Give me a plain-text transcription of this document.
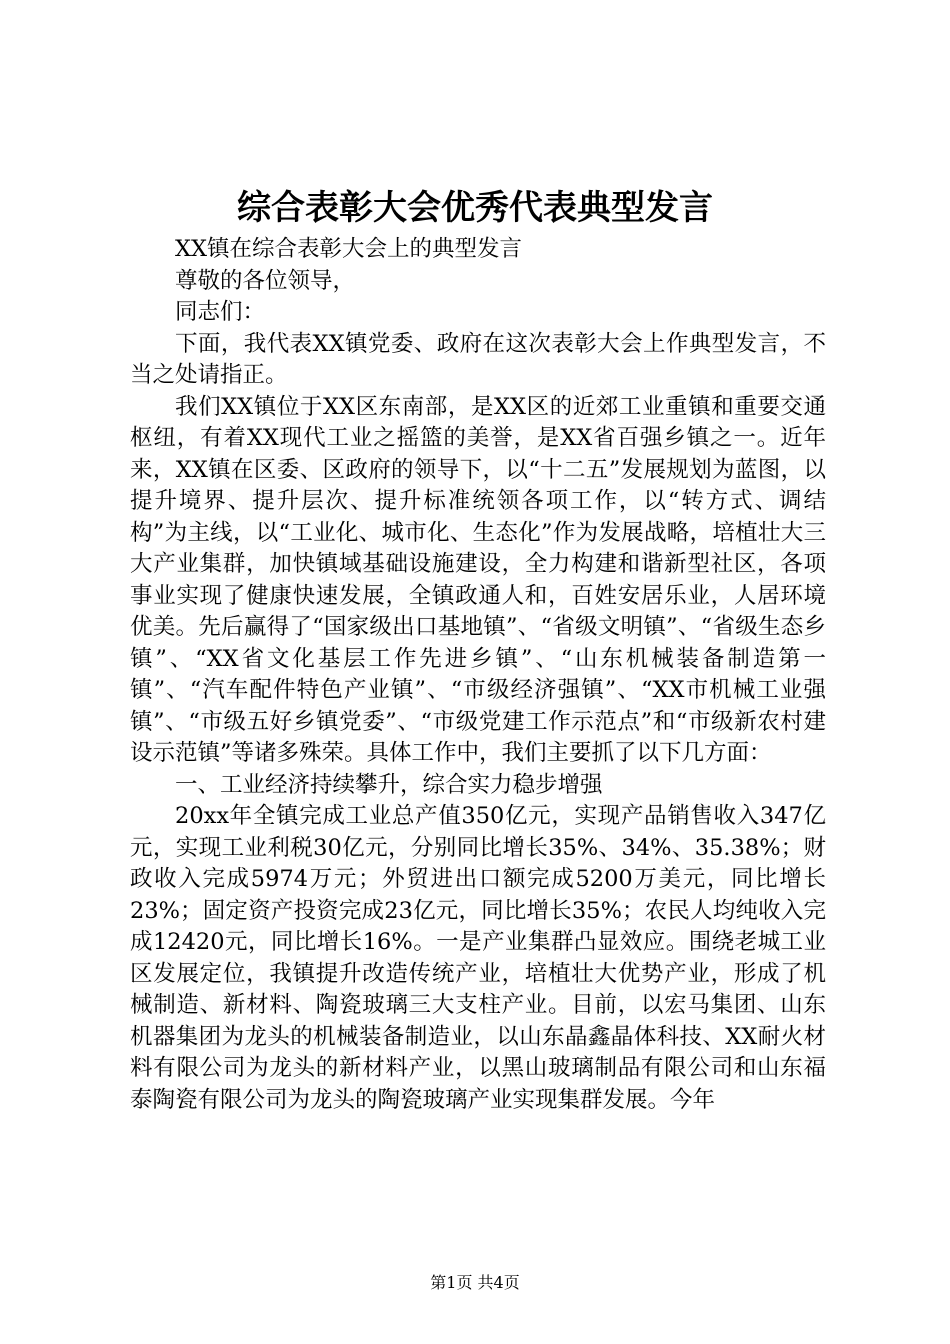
综合表彰大会优秀代表典型发言

XX镇在综合表彰大会上的典型发言

尊敬的各位领导，

同志们：

下面，我代表XX镇党委、政府在这次表彰大会上作典型发言，不当之处请指正。

我们XX镇位于XX区东南部，是XX区的近郊工业重镇和重要交通枢纽，有着XX现代工业之摇篮的美誉，是XX省百强乡镇之一。近年来，XX镇在区委、区政府的领导下，以“十二五”发展规划为蓝图，以提升境界、提升层次、提升标准统领各项工作，以“转方式、调结构”为主线，以“工业化、城市化、生态化”作为发展战略，培植壮大三大产业集群，加快镇域基础设施建设，全力构建和谐新型社区，各项事业实现了健康快速发展，全镇政通人和，百姓安居乐业，人居环境优美。先后赢得了“国家级出口基地镇”、“省级文明镇”、“省级生态乡镇”、“XX省文化基层工作先进乡镇”、“山东机械装备制造第一镇”、“汽车配件特色产业镇”、“市级经济强镇”、“XX市机械工业强镇”、“市级五好乡镇党委”、“市级党建工作示范点”和“市级新农村建设示范镇”等诸多殊荣。具体工作中，我们主要抓了以下几方面：

一、工业经济持续攀升，综合实力稳步增强

20xx年全镇完成工业总产值350亿元，实现产品销售收入347亿元，实现工业利税30亿元，分别同比增长35%、34%、35.38%；财政收入完成5974万元；外贸进出口额完成5200万美元，同比增长23%；固定资产投资完成23亿元，同比增长35%；农民人均纯收入完成12420元，同比增长16%。一是产业集群凸显效应。围绕老城工业区发展定位，我镇提升改造传统产业，培植壮大优势产业，形成了机械制造、新材料、陶瓷玻璃三大支柱产业。目前，以宏马集团、山东机器集团为龙头的机械装备制造业，以山东晶鑫晶体科技、XX耐火材料有限公司为龙头的新材料产业，以黑山玻璃制品有限公司和山东福泰陶瓷有限公司为龙头的陶瓷玻璃产业实现集群发展。今年

第1页 共4页
